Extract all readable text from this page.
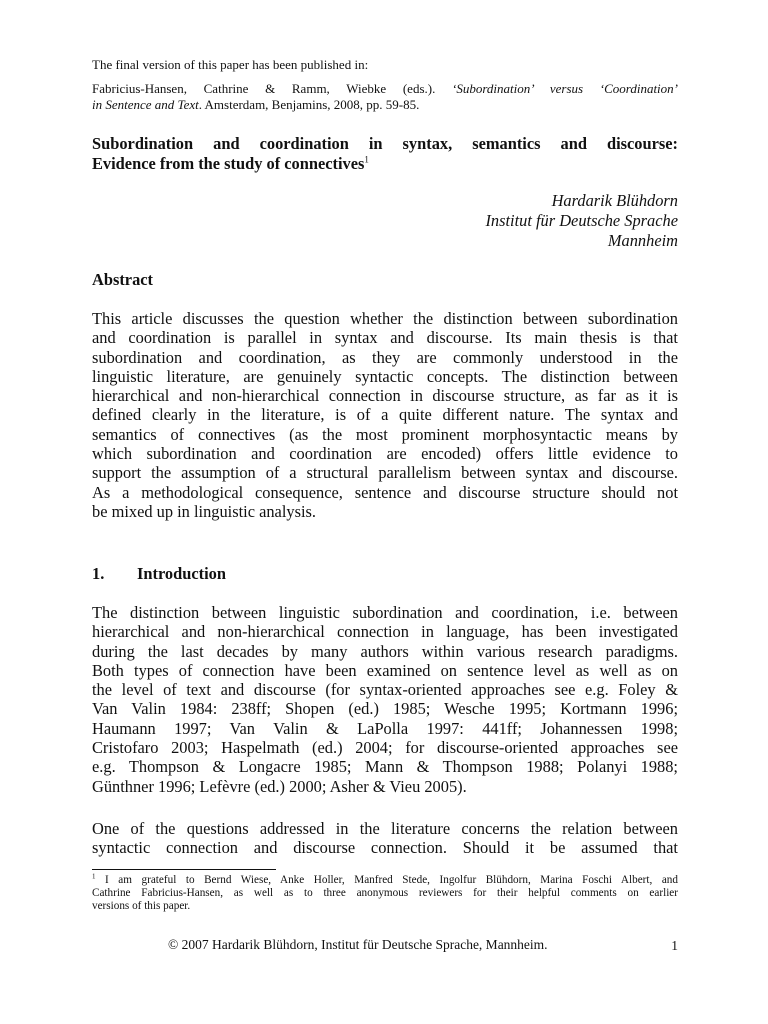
The final version of this paper has been published in:

Fabricius-Hansen, Cathrine & Ramm, Wiebke (eds.). ‘Subordination’ versus ‘Coordination’

in Sentence and Text. Amsterdam, Benjamins, 2008, pp. 59-85.

Subordination and coordination in syntax, semantics and discourse:

Evidence from the study of connectives$^1$

Hardarik Blühdorn

Institut für Deutsche Sprache

Mannheim

Abstract

This article discusses the question whether the distinction between subordination

and coordination is parallel in syntax and discourse. Its main thesis is that

subordination and coordination, as they are commonly understood in the

linguistic literature, are genuinely syntactic concepts. The distinction between

hierarchical and non-hierarchical connection in discourse structure, as far as it is

defined clearly in the literature, is of a quite different nature. The syntax and

semantics of connectives (as the most prominent morphosyntactic means by

which subordination and coordination are encoded) offers little evidence to

support the assumption of a structural parallelism between syntax and discourse.

As a methodological consequence, sentence and discourse structure should not

be mixed up in linguistic analysis.

1. Introduction

The distinction between linguistic subordination and coordination, i.e. between

hierarchical and non-hierarchical connection in language, has been investigated

during the last decades by many authors within various research paradigms.

Both types of connection have been examined on sentence level as well as on

the level of text and discourse (for syntax-oriented approaches see e.g. Foley &

Van Valin 1984: 238ff; Shopen (ed.) 1985; Wesche 1995; Kortmann 1996;

Haumann 1997; Van Valin & LaPolla 1997: 441ff; Johannessen 1998;

Cristofaro 2003; Haspelmath (ed.) 2004; for discourse-oriented approaches see

e.g. Thompson & Longacre 1985; Mann & Thompson 1988; Polanyi 1988;

Günthner 1996; Lefèvre (ed.) 2000; Asher & Vieu 2005).

One of the questions addressed in the literature concerns the relation between

syntactic connection and discourse connection. Should it be assumed that

$^1$ I am grateful to Bernd Wiese, Anke Holler, Manfred Stede, Ingolfur Blühdorn, Marina Foschi Albert, and

Cathrine Fabricius-Hansen, as well as to three anonymous reviewers for their helpful comments on earlier

versions of this paper.

© 2007 Hardarik Blühdorn, Institut für Deutsche Sprache, Mannheim.	1
